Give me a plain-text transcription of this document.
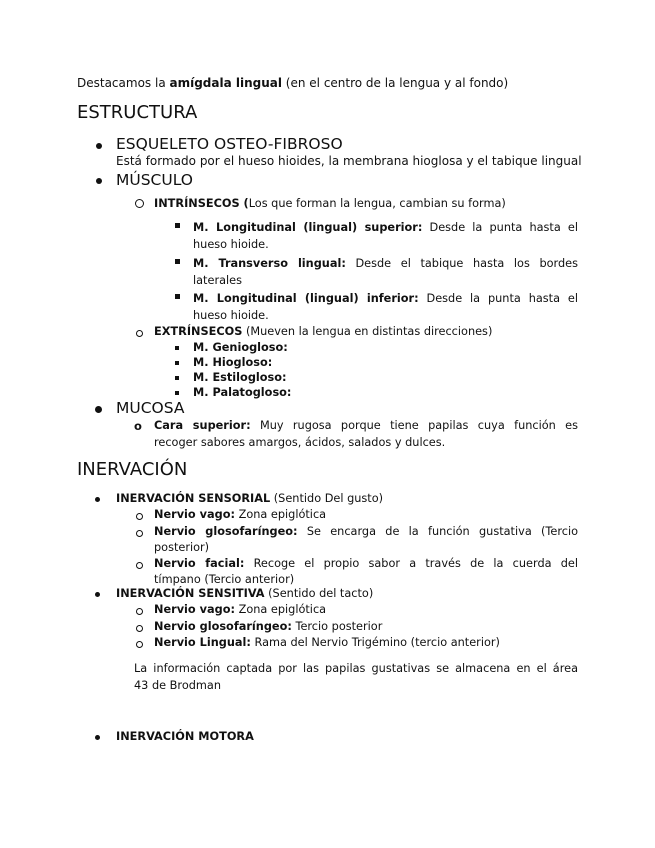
Destacamos la amígdala lingual (en el centro de la lengua y al fondo)
ESTRUCTURA
ESQUELETO OSTEO-FIBROSO
Está formado por el hueso hioides, la membrana hioglosa y el tabique lingual
MÚSCULO
INTRÍNSECOS (Los que forman la lengua, cambian su forma)
M. Longitudinal (lingual) superior: Desde la punta hasta el
hueso hioide.
M. Transverso lingual: Desde el tabique hasta los bordes
laterales
M. Longitudinal (lingual) inferior: Desde la punta hasta el
hueso hioide.
EXTRÍNSECOS (Mueven la lengua en distintas direcciones)
M. Geniogloso:
M. Hiogloso:
M. Estilogloso:
M. Palatogloso:
MUCOSA
o Cara superior: Muy rugosa porque tiene papilas cuya función es
recoger sabores amargos, ácidos, salados y dulces.
INERVACIÓN
INERVACIÓN SENSORIAL (Sentido Del gusto)
Nervio vago: Zona epiglótica
Nervio glosofaríngeo: Se encarga de la función gustativa (Tercio
posterior)
Nervio facial: Recoge el propio sabor a través de la cuerda del
tímpano (Tercio anterior)
INERVACIÓN SENSITIVA (Sentido del tacto)
Nervio vago: Zona epiglótica
Nervio glosofaríngeo: Tercio posterior
Nervio Lingual: Rama del Nervio Trigémino (tercio anterior)
La información captada por las papilas gustativas se almacena en el área
43 de Brodman
INERVACIÓN MOTORA
